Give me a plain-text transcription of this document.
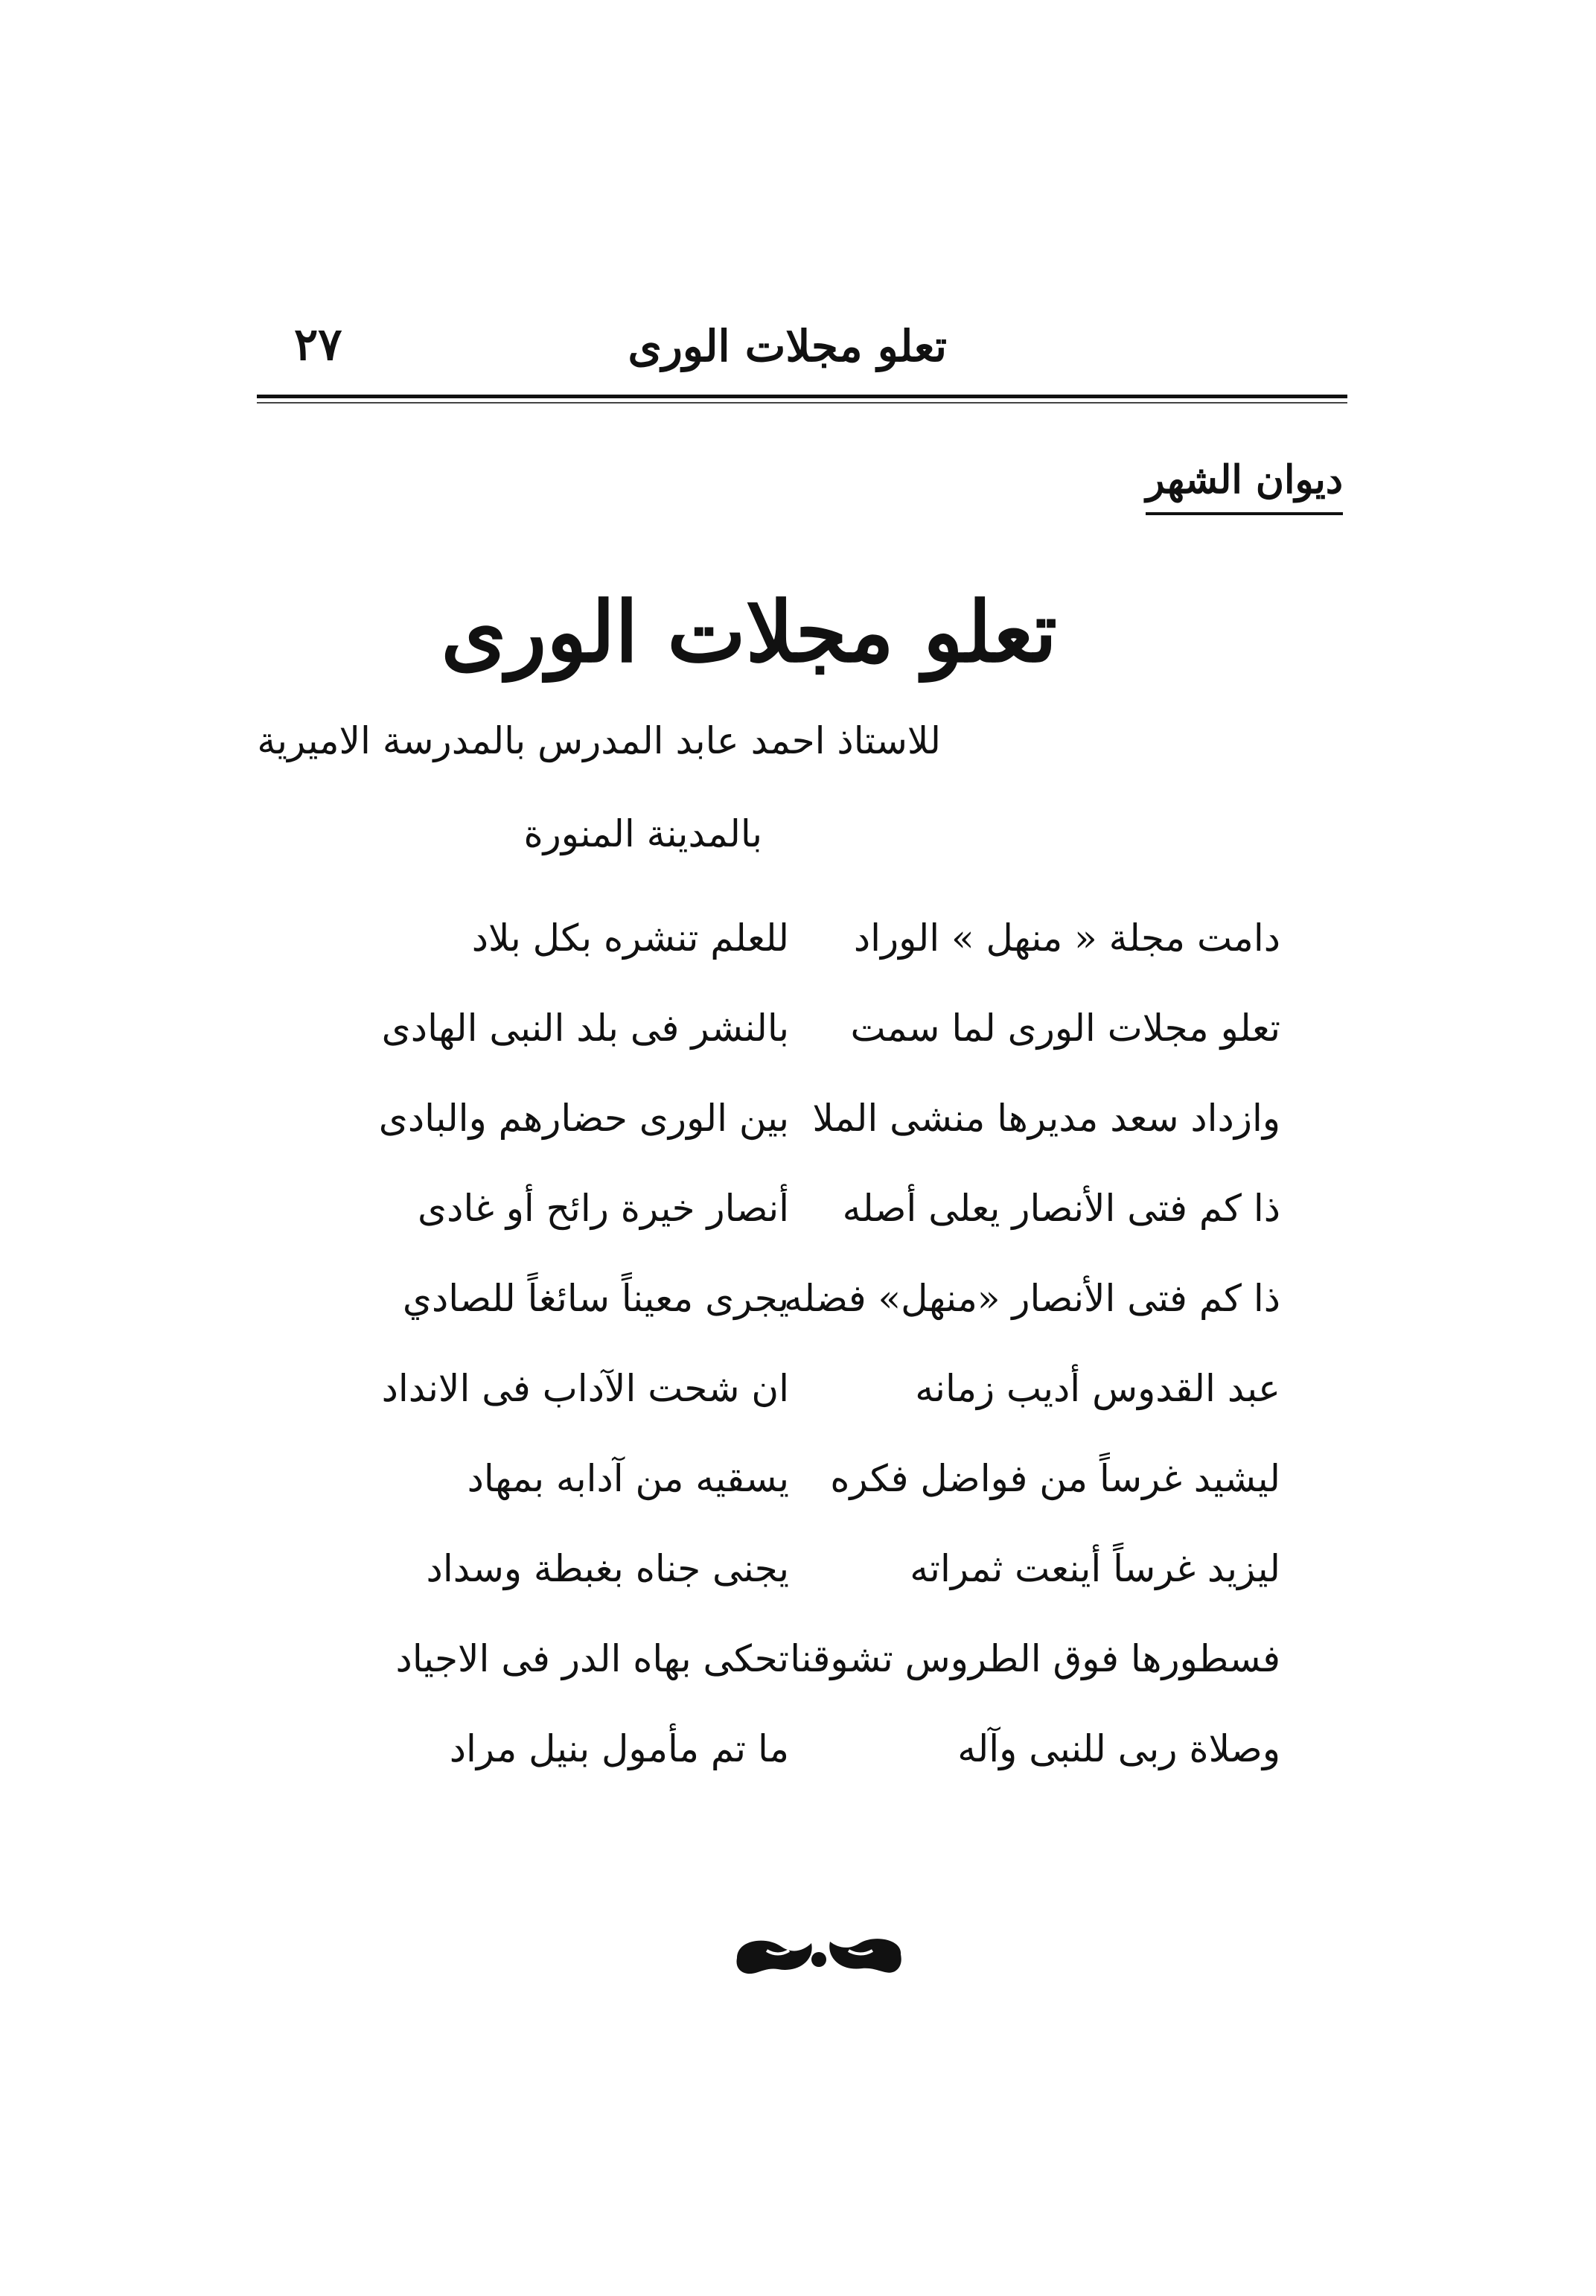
تعلو مجلات الورى
٢٧
ديوان الشهر
تعلو مجلات الورى
للاستاذ احمد عابد المدرس بالمدرسة الاميرية
بالمدينة المنورة
دامت مجلة « منهل » الوراد
للعلم تنشره بكل بلاد
تعلو مجلات الورى لما سمت
بالنشر فى بلد النبى الهادى
وازداد سعد مديرها منشى الملا
بين الورى حضارهم والبادى
ذا كم فتى الأنصار يعلى أصله
أنصار خيرة رائح أو غادى
ذا كم فتى الأنصار «منهل» فضله
يجرى معيناً سائغاً للصادي
عبد القدوس أديب زمانه
ان شحت الآداب فى الانداد
ليشيد غرساً من فواضل فكره
يسقيه من آدابه بمهاد
ليزيد غرساً أينعت ثمراته
يجنى جناه بغبطة وسداد
فسطورها فوق الطروس تشوقنا
تحكى بهاه الدر فى الاجياد
وصلاة ربى للنبى وآله
ما تم مأمول بنيل مراد
